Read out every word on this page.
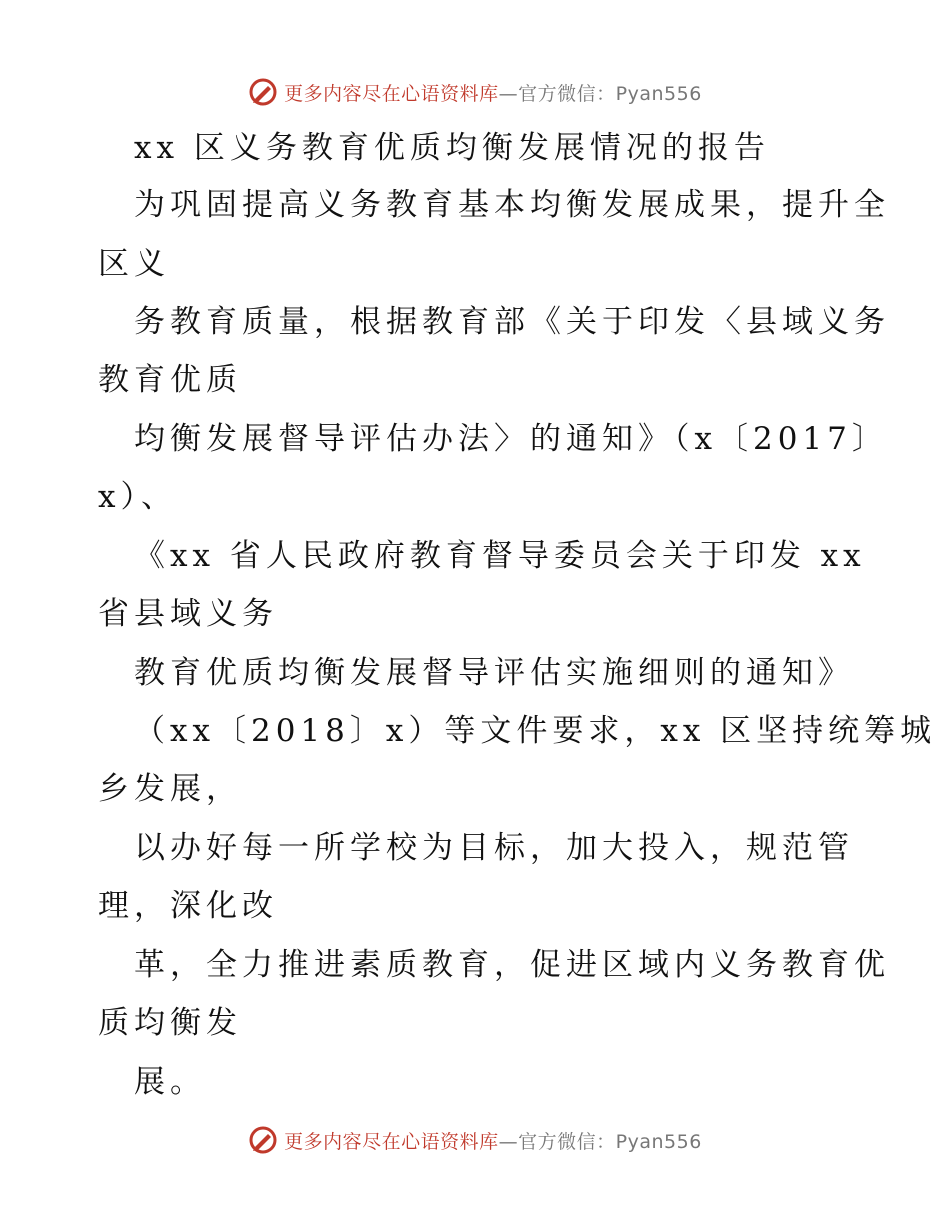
更多内容尽在心语资料库—官方微信：Pyan556
xx 区义务教育优质均衡发展情况的报告
为巩固提高义务教育基本均衡发展成果，提升全
区义
务教育质量，根据教育部《关于印发〈县域义务
教育优质
均衡发展督导评估办法〉的通知》（x〔2017〕
x）、
《xx 省人民政府教育督导委员会关于印发 xx
省县域义务
教育优质均衡发展督导评估实施细则的通知》
（xx〔2018〕x）等文件要求，xx 区坚持统筹城
乡发展，
以办好每一所学校为目标，加大投入，规范管
理，深化改
革，全力推进素质教育，促进区域内义务教育优
质均衡发
展。
更多内容尽在心语资料库—官方微信：Pyan556
